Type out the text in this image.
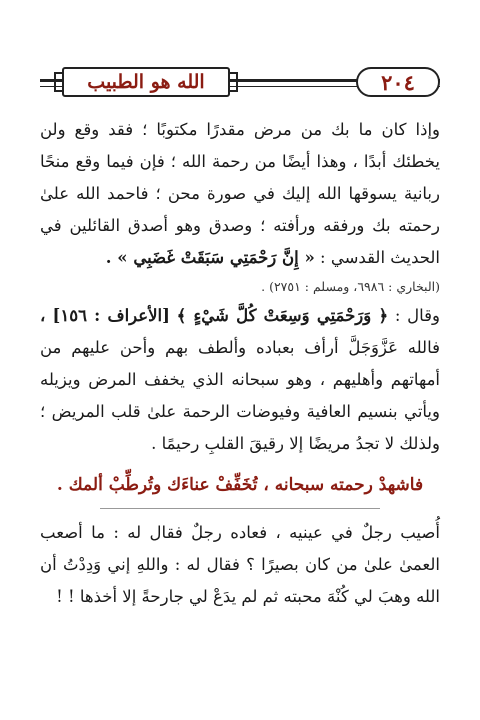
الله هو الطبيب	٢٠٤

وإذا كان ما بك من مرض مقدرًا مكتوبًا ؛ فقد وقع ولن يخطئك أبدًا ، وهذا أيضًا من رحمة الله ؛ فإن فيما وقع منحًا ربانية يسوقها الله إليك في صورة محن ؛ فاحمد الله علىٰ رحمته بك ورفقه ورأفته ؛ وصدق وهو أصدق القائلين في الحديث القدسي : « إِنَّ رَحْمَتِي سَبَقَتْ غَضَبِي » .

(البخاري : ٦٩٨٦، ومسلم : ٢٧٥١) .

وقال : ﴿ وَرَحْمَتِي وَسِعَتْ كُلَّ شَيْءٍ ﴾ [الأعراف : ١٥٦] ، فالله عَزَّوَجَلَّ أرأف بعباده وألطف بهم وأحن عليهم من أمهاتهم وأهليهم ، وهو سبحانه الذي يخفف المرض ويزيله ويأتي بنسيم العافية وفيوضات الرحمة علىٰ قلب المريض ؛ ولذلك لا تجدُ مريضًا إلا رقيقَ القلبِ رحيمًا .

فاشهدْ رحمته سبحانه ، تُخَفِّفْ عناءَك وتُرطِّبْ ألمك .

أُصيب رجلٌ في عينيه ، فعاده رجلٌ فقال له : ما أصعب العمىٰ علىٰ من كان بصيرًا ؟ فقال له : واللهِ إني وَدِدْتُ أن الله وهبَ لي كُنْهَ محبته ثم لم يدَعْ لي جارحةً إلا أخذها ! !
